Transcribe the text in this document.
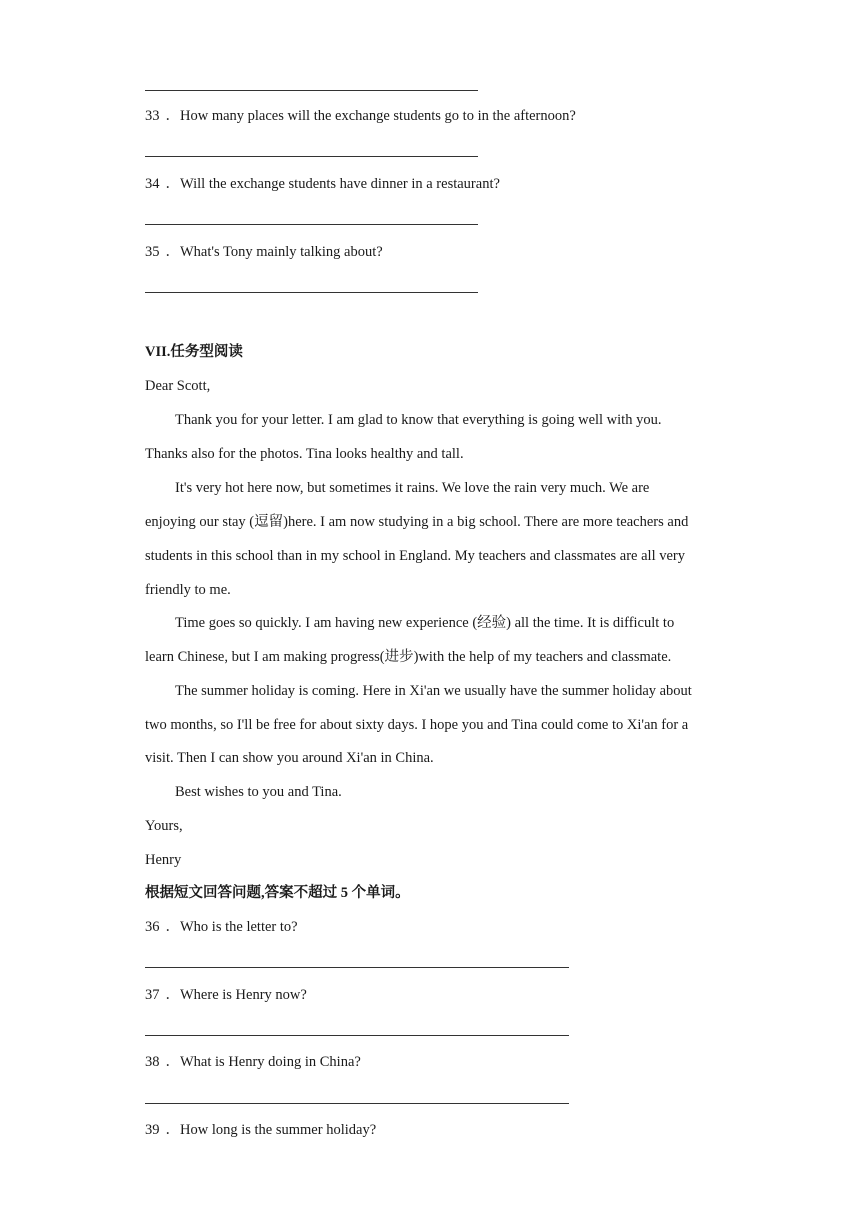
33 ．How many places will the exchange students go to in the afternoon?
34 ．Will the exchange students have dinner in a restaurant?
35 ．What's Tony mainly talking about?
VII.任务型阅读
Dear Scott,
Thank you for your letter. I am glad to know that everything is going well with you.
Thanks also for the photos. Tina looks healthy and tall.
It's very hot here now, but sometimes it rains. We love the rain very much. We are
enjoying our stay (逗留)here. I am now studying in a big school. There are more teachers and
students in this school than in my school in England. My teachers and classmates are all very
friendly to me.
Time goes so quickly. I am having new experience (经验) all the time. It is difficult to
learn Chinese, but I am making progress(进步)with the help of my teachers and classmate.
The summer holiday is coming. Here in Xi'an we usually have the summer holiday about
two months, so I'll be free for about sixty days. I hope you and Tina could come to Xi'an for a
visit. Then I can show you around Xi'an in China.
Best wishes to you and Tina.
Yours,
Henry
根据短文回答问题,答案不超过 5 个单词。
36 ．Who is the letter to?
37 ．Where is Henry now?
38 ．What is Henry doing in China?
39 ．How long is the summer holiday?
